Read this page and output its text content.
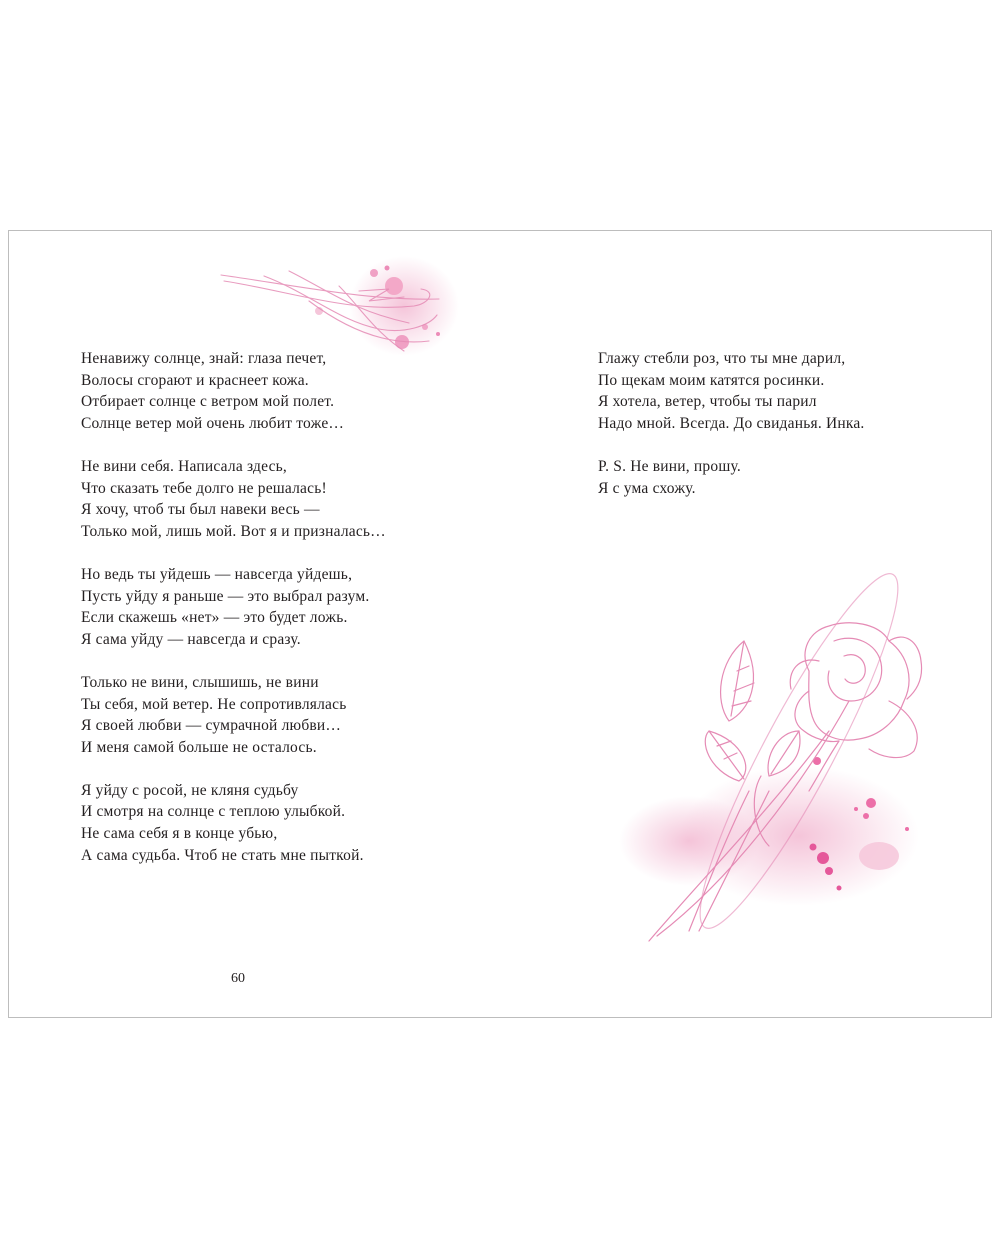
Ненавижу солнце, знай: глаза печет,
Волосы сгорают и краснеет кожа.
Отбирает солнце с ветром мой полет.
Солнце ветер мой очень любит тоже…
Не вини себя. Написала здесь,
Что сказать тебе долго не решалась!
Я хочу, чтоб ты был навеки весь —
Только мой, лишь мой. Вот я и призналась…
Но ведь ты уйдешь — навсегда уйдешь,
Пусть уйду я раньше — это выбрал разум.
Если скажешь «нет» — это будет ложь.
Я сама уйду — навсегда и сразу.
Только не вини, слышишь, не вини
Ты себя, мой ветер. Не сопротивлялась
Я своей любви — сумрачной любви…
И меня самой больше не осталось.
Я уйду с росой, не кляня судьбу
И смотря на солнце с теплою улыбкой.
Не сама себя я в конце убью,
А сама судьба. Чтоб не стать мне пыткой.
Глажу стебли роз, что ты мне дарил,
По щекам моим катятся росинки.
Я хотела, ветер, чтобы ты парил
Надо мной. Всегда. До свиданья. Инка.
P. S. Не вини, прошу.
Я с ума схожу.
60
